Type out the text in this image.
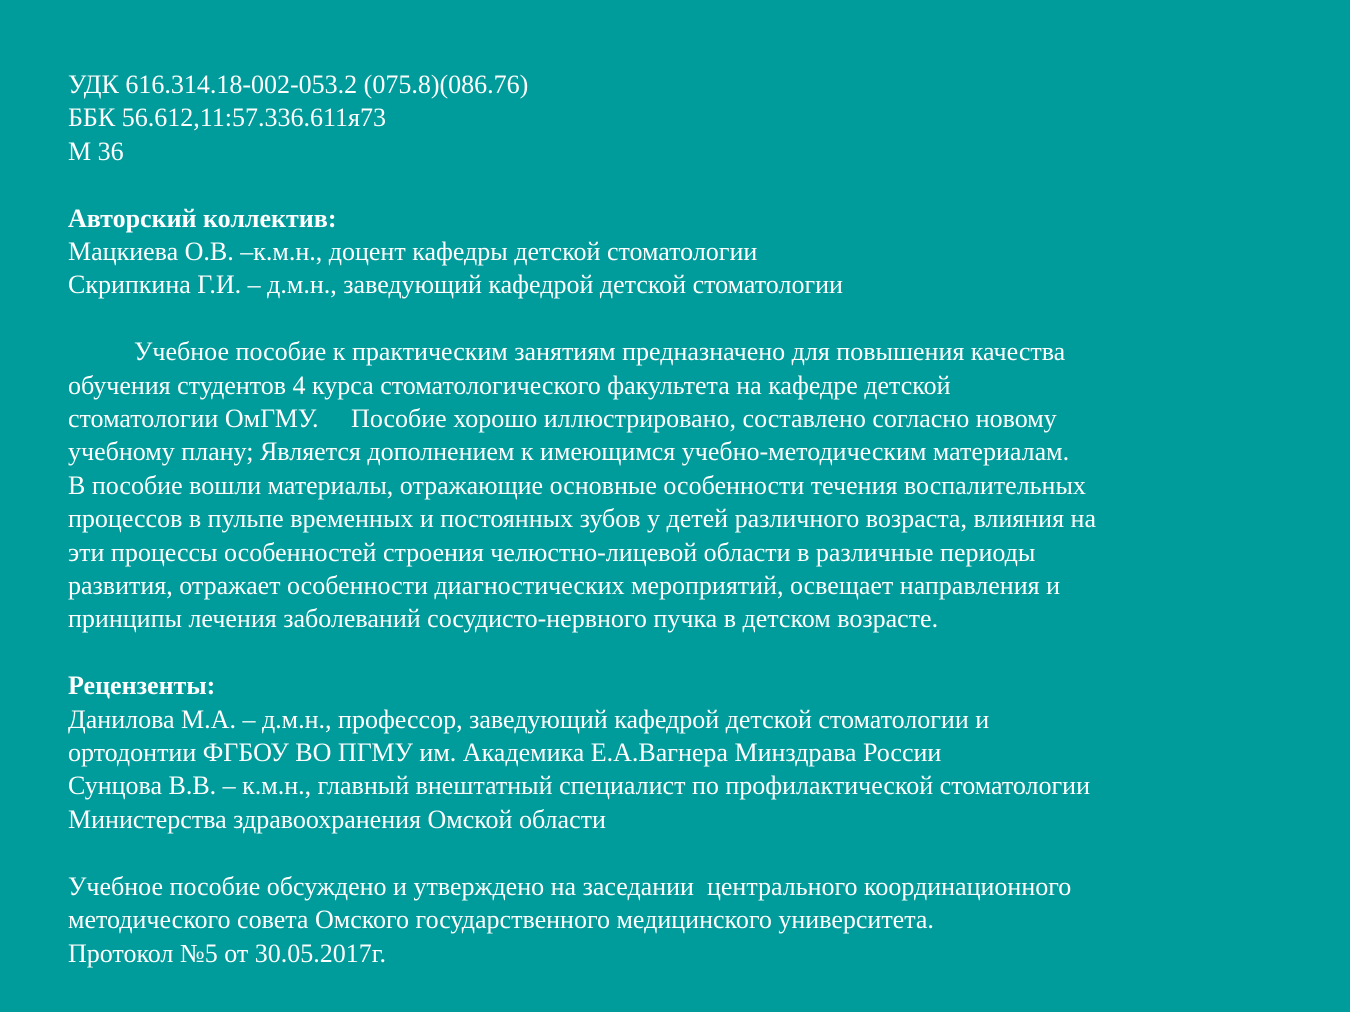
УДК 616.314.18-002-053.2 (075.8)(086.76)
ББК 56.612,11:57.336.611я73
М 36
Авторский коллектив:
Мацкиева О.В. –к.м.н., доцент кафедры детской стоматологии
Скрипкина Г.И. – д.м.н., заведующий кафедрой детской стоматологии
Учебное пособие к практическим занятиям предназначено для повышения качества
обучения студентов 4 курса стоматологического факультета на кафедре детской
стоматологии ОмГМУ.     Пособие хорошо иллюстрировано, составлено согласно новому
учебному плану; Является дополнением к имеющимся учебно-методическим материалам.
В пособие вошли материалы, отражающие основные особенности течения воспалительных
процессов в пульпе временных и постоянных зубов у детей различного возраста, влияния на
эти процессы особенностей строения челюстно-лицевой области в различные периоды
развития, отражает особенности диагностических мероприятий, освещает направления и
принципы лечения заболеваний сосудисто-нервного пучка в детском возрасте.
Рецензенты:
Данилова М.А. – д.м.н., профессор, заведующий кафедрой детской стоматологии и
ортодонтии ФГБОУ ВО ПГМУ им. Академика Е.А.Вагнера Минздрава России
Сунцова В.В. – к.м.н., главный внештатный специалист по профилактической стоматологии
Министерства здравоохранения Омской области
Учебное пособие обсуждено и утверждено на заседании  центрального координационного
методического совета Омского государственного медицинского университета.
Протокол №5 от 30.05.2017г.
